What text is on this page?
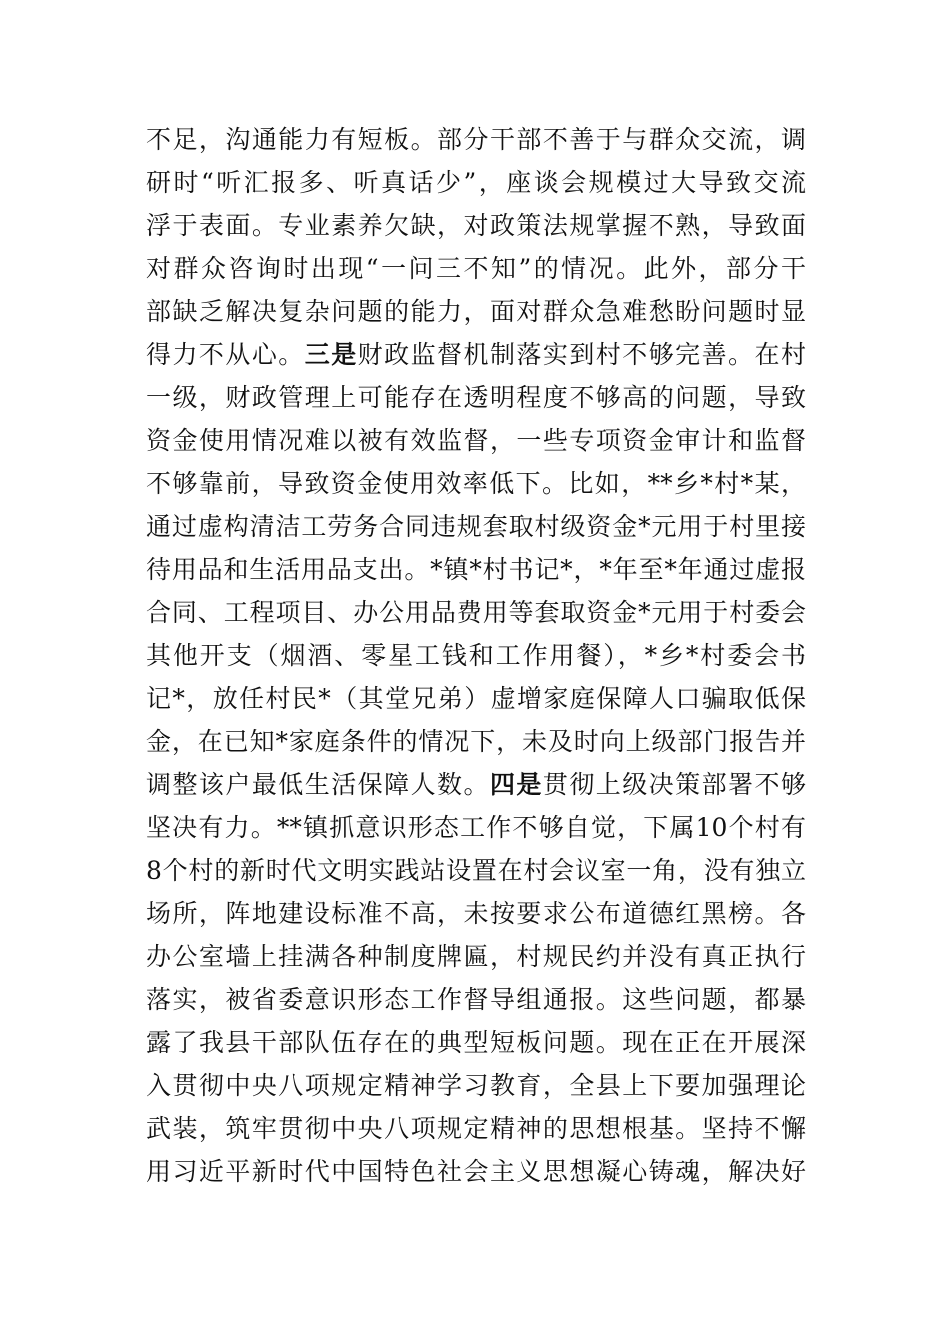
不足，沟通能力有短板。部分干部不善于与群众交流，调
研时“听汇报多、听真话少”，座谈会规模过大导致交流
浮于表面。专业素养欠缺，对政策法规掌握不熟，导致面
对群众咨询时出现“一问三不知”的情况。此外，部分干
部缺乏解决复杂问题的能力，面对群众急难愁盼问题时显
得力不从心。三是财政监督机制落实到村不够完善。在村
一级，财政管理上可能存在透明程度不够高的问题，导致
资金使用情况难以被有效监督，一些专项资金审计和监督
不够靠前，导致资金使用效率低下。比如，**乡*村*某，
通过虚构清洁工劳务合同违规套取村级资金*元用于村里接
待用品和生活用品支出。*镇*村书记*，*年至*年通过虚报
合同、工程项目、办公用品费用等套取资金*元用于村委会
其他开支（烟酒、零星工钱和工作用餐），*乡*村委会书
记*，放任村民*（其堂兄弟）虚增家庭保障人口骗取低保
金，在已知*家庭条件的情况下，未及时向上级部门报告并
调整该户最低生活保障人数。四是贯彻上级决策部署不够
坚决有力。**镇抓意识形态工作不够自觉，下属10个村有
8个村的新时代文明实践站设置在村会议室一角，没有独立
场所，阵地建设标准不高，未按要求公布道德红黑榜。各
办公室墙上挂满各种制度牌匾，村规民约并没有真正执行
落实，被省委意识形态工作督导组通报。这些问题，都暴
露了我县干部队伍存在的典型短板问题。现在正在开展深
入贯彻中央八项规定精神学习教育，全县上下要加强理论
武装，筑牢贯彻中央八项规定精神的思想根基。坚持不懈
用习近平新时代中国特色社会主义思想凝心铸魂，解决好
